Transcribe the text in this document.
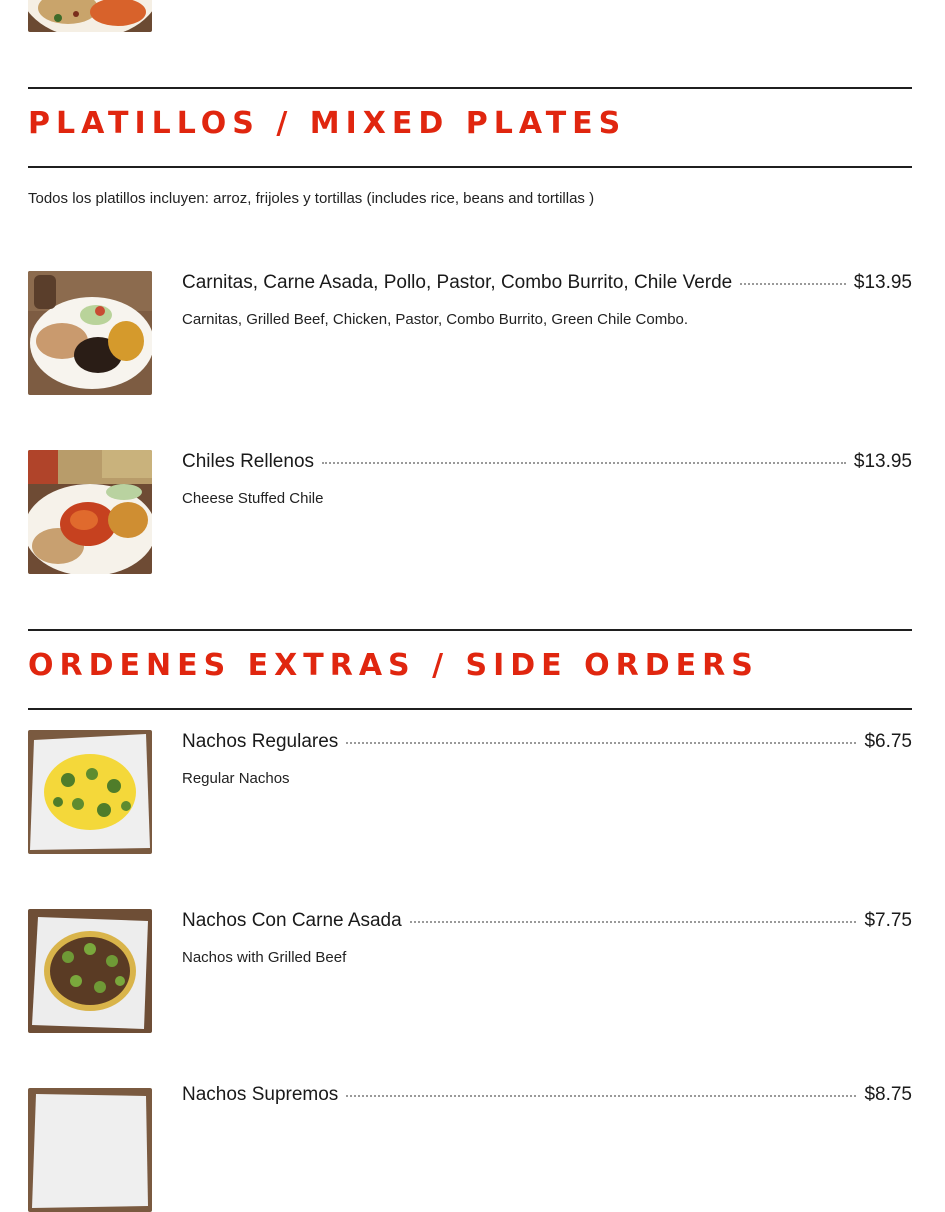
PLATILLOS / MIXED PLATES
Todos los platillos incluyen: arroz, frijoles y tortillas (includes rice, beans and tortillas )
Carnitas, Carne Asada, Pollo, Pastor, Combo Burrito, Chile Verde	$13.95
Carnitas, Grilled Beef, Chicken, Pastor, Combo Burrito, Green Chile Combo.
Chiles Rellenos	$13.95
Cheese Stuffed Chile
ORDENES EXTRAS / SIDE ORDERS
Nachos Regulares	$6.75
Regular Nachos
Nachos Con Carne Asada	$7.75
Nachos with Grilled Beef
Nachos Supremos	$8.75
